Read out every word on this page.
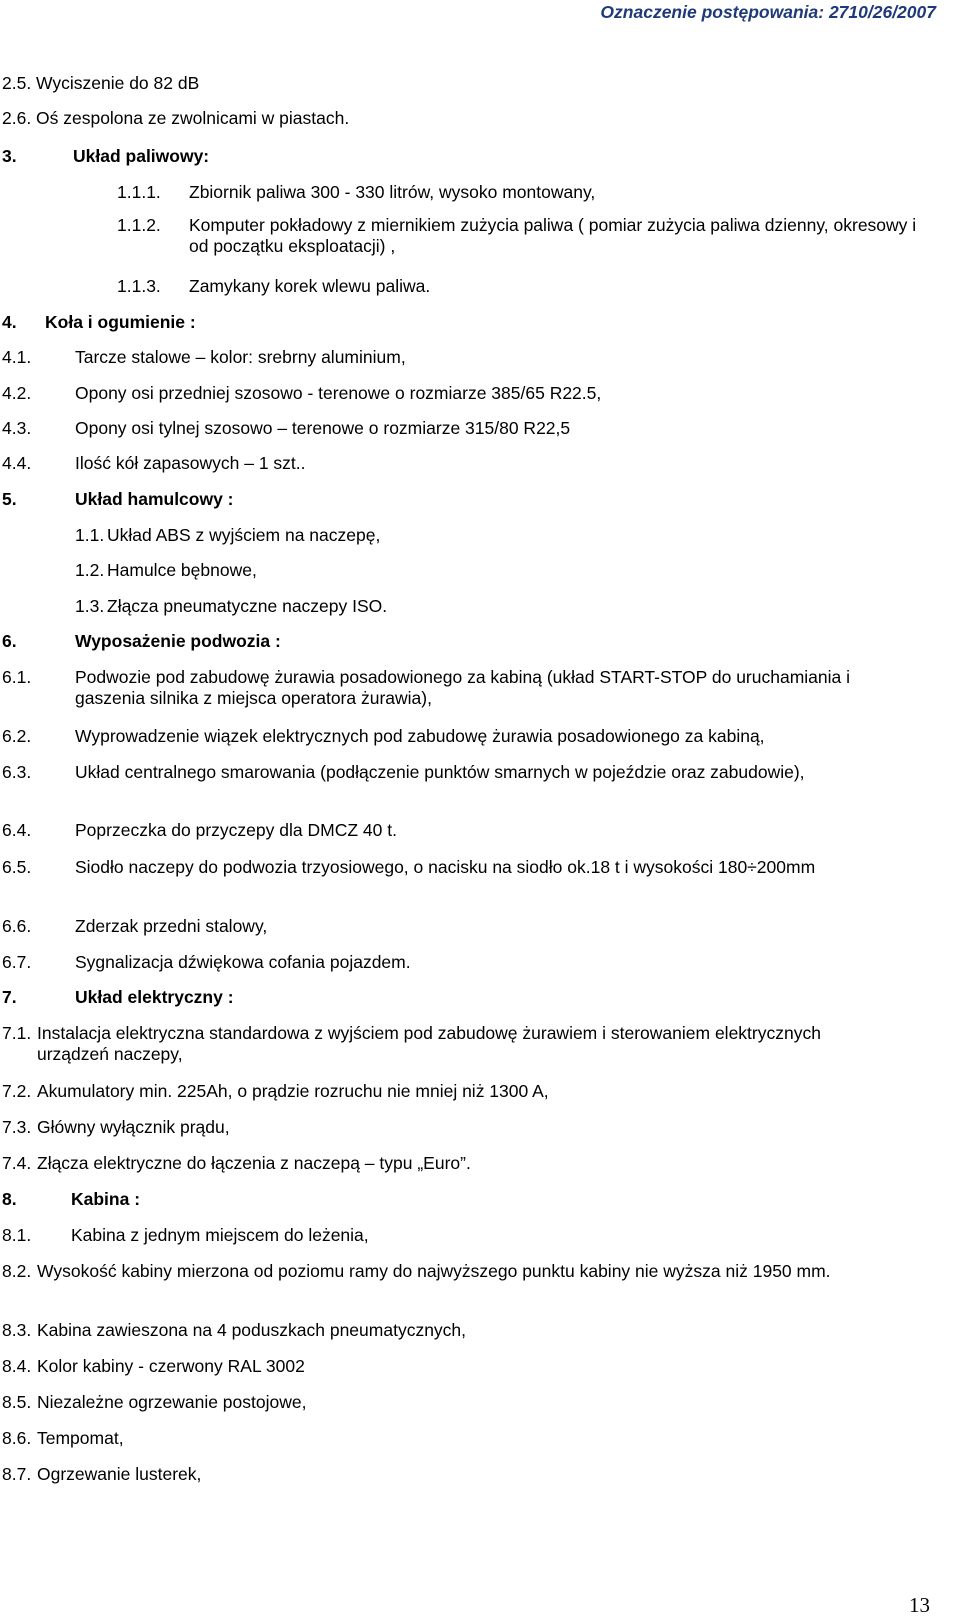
Oznaczenie postępowania: 2710/26/2007
2.5. Wyciszenie do 82 dB
2.6. Oś zespolona ze zwolnicami w piastach.
3.	Układ paliwowy:
1.1.1. Zbiornik paliwa 300 - 330 litrów, wysoko montowany,
1.1.2. Komputer pokładowy z miernikiem zużycia paliwa ( pomiar zużycia paliwa dzienny, okresowy i od początku eksploatacji) ,
1.1.3. Zamykany korek wlewu paliwa.
4. Koła i ogumienie :
4.1.	Tarcze stalowe – kolor: srebrny aluminium,
4.2.	Opony osi przedniej szosowo - terenowe o rozmiarze 385/65 R22.5,
4.3.	Opony osi tylnej szosowo – terenowe o rozmiarze 315/80 R22,5
4.4.	Ilość kół zapasowych – 1 szt..
5.	Układ hamulcowy :
1.1. Układ ABS z wyjściem na naczepę,
1.2. Hamulce bębnowe,
1.3. Złącza pneumatyczne naczepy ISO.
6.	Wyposażenie podwozia :
6.1.	Podwozie pod zabudowę żurawia posadowionego za kabiną (układ START-STOP do uruchamiania i gaszenia silnika z miejsca operatora żurawia),
6.2.	Wyprowadzenie wiązek elektrycznych pod zabudowę żurawia posadowionego za kabiną,
6.3.	Układ centralnego smarowania (podłączenie punktów smarnych w pojeździe oraz zabudowie),
6.4.	Poprzeczka do przyczepy dla DMCZ 40 t.
6.5.	Siodło naczepy do podwozia trzyosiowego, o nacisku na siodło ok.18 t i wysokości 180÷200mm
6.6.	Zderzak przedni stalowy,
6.7.	Sygnalizacja dźwiękowa cofania pojazdem.
7.	Układ elektryczny :
7.1. Instalacja elektryczna standardowa z wyjściem pod zabudowę żurawiem i sterowaniem elektrycznych urządzeń naczepy,
7.2. Akumulatory min. 225Ah, o prądzie rozruchu nie mniej niż 1300 A,
7.3. Główny wyłącznik prądu,
7.4. Złącza elektryczne do łączenia z naczepą – typu „Euro”.
8.	Kabina :
8.1. Kabina z jednym miejscem do leżenia,
8.2. Wysokość kabiny mierzona od poziomu ramy do najwyższego punktu kabiny nie wyższa niż 1950 mm.
8.3. Kabina zawieszona na 4 poduszkach pneumatycznych,
8.4. Kolor kabiny - czerwony RAL 3002
8.5. Niezależne ogrzewanie postojowe,
8.6. Tempomat,
8.7. Ogrzewanie lusterek,
13
